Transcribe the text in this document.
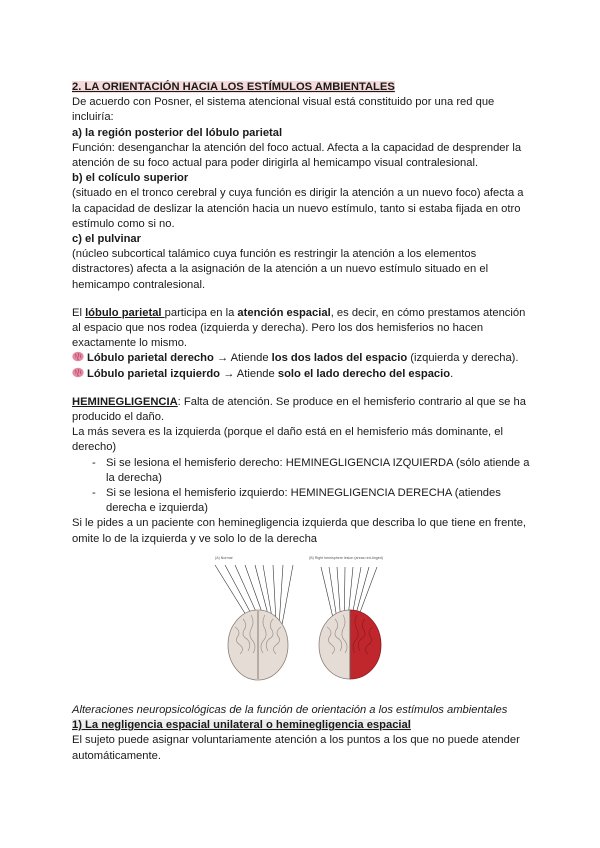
2. LA ORIENTACIÓN HACIA LOS ESTÍMULOS AMBIENTALES

De acuerdo con Posner, el sistema atencional visual está constituido por una red que incluiría:

a) la región posterior del lóbulo parietal

Función: desenganchar la atención del foco actual. Afecta a la capacidad de desprender la atención de su foco actual para poder dirigirla al hemicampo visual contralesional.

b) el colículo superior

(situado en el tronco cerebral y cuya función es dirigir la atención a un nuevo foco) afecta a la capacidad de deslizar la atención hacia un nuevo estímulo, tanto si estaba fijada en otro estímulo como si no.

c) el pulvinar

(núcleo subcortical talámico cuya función es restringir la atención a los elementos distractores) afecta a la asignación de la atención a un nuevo estímulo situado en el hemicampo contralesional.

El lóbulo parietal participa en la atención espacial, es decir, en cómo prestamos atención al espacio que nos rodea (izquierda y derecha). Pero los dos hemisferios no hacen exactamente lo mismo.

Lóbulo parietal derecho → Atiende los dos lados del espacio (izquierda y derecha).

Lóbulo parietal izquierdo → Atiende solo el lado derecho del espacio.

HEMINEGLIGENCIA: Falta de atención. Se produce en el hemisferio contrario al que se ha producido el daño.

La más severa es la izquierda (porque el daño está en el hemisferio más dominante, el derecho)

- Si se lesiona el hemisferio derecho: HEMINEGLIGENCIA IZQUIERDA (sólo atiende a la derecha)
- Si se lesiona el hemisferio izquierdo: HEMINEGLIGENCIA DERECHA (atiendes derecha e izquierda)

Si le pides a un paciente con heminegligencia izquierda que describa lo que tiene en frente, omite lo de la izquierda y ve solo lo de la derecha

(A) Normal	(B) Right hemisphere lesion (areas red-tinged)

Alteraciones neuropsicológicas de la función de orientación a los estímulos ambientales

1) La negligencia espacial unilateral o heminegligencia espacial

El sujeto puede asignar voluntariamente atención a los puntos a los que no puede atender automáticamente.
